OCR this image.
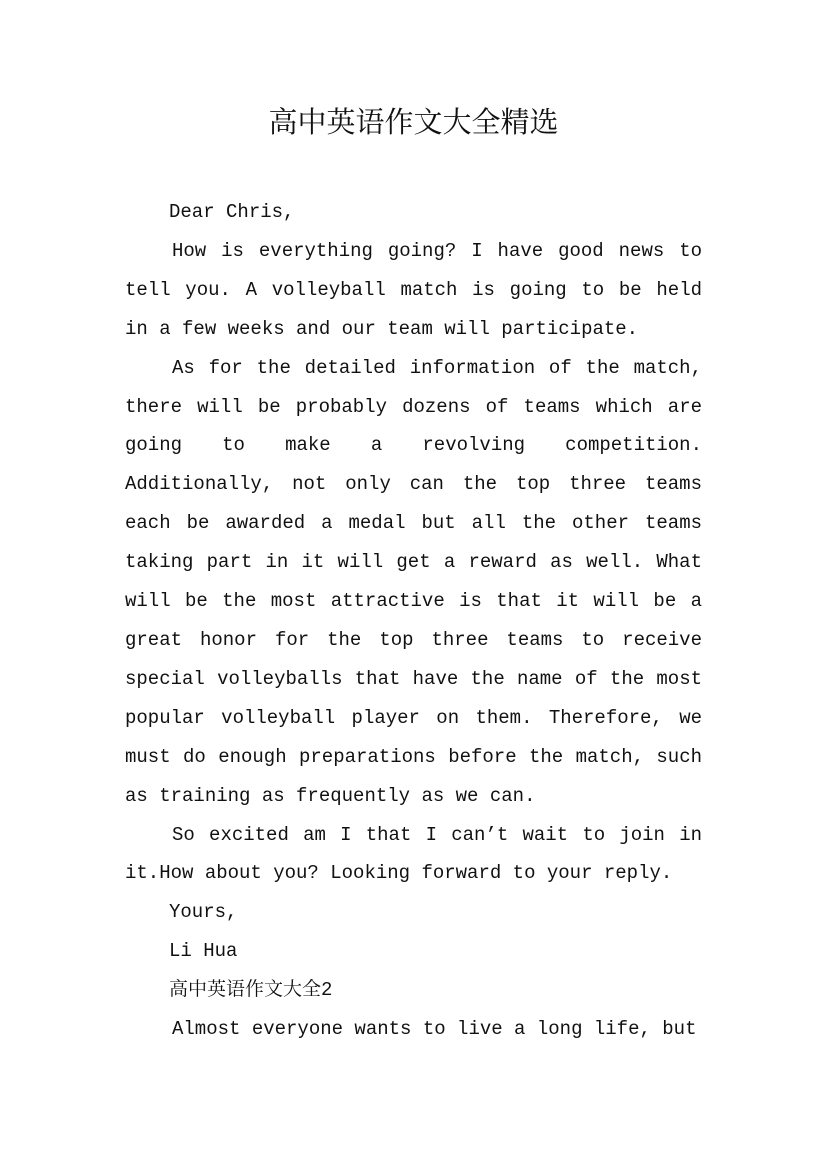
高中英语作文大全精选

Dear Chris,

How is everything going? I have good news to tell you. A volleyball match is going to be held in a few weeks and our team will participate.

As for the detailed information of the match, there will be probably dozens of teams which are going to make a revolving competition. Additionally, not only can the top three teams each be awarded a medal but all the other teams taking part in it will get a reward as well. What will be the most attractive is that it will be a great honor for the top three teams to receive special volleyballs that have the name of the most popular volleyball player on them. Therefore, we must do enough preparations before the match, such as training as frequently as we can.

So excited am I that I can’t wait to join in it.How about you? Looking forward to your reply.

Yours,

Li Hua

高中英语作文大全2

Almost everyone wants to live a long life, but
